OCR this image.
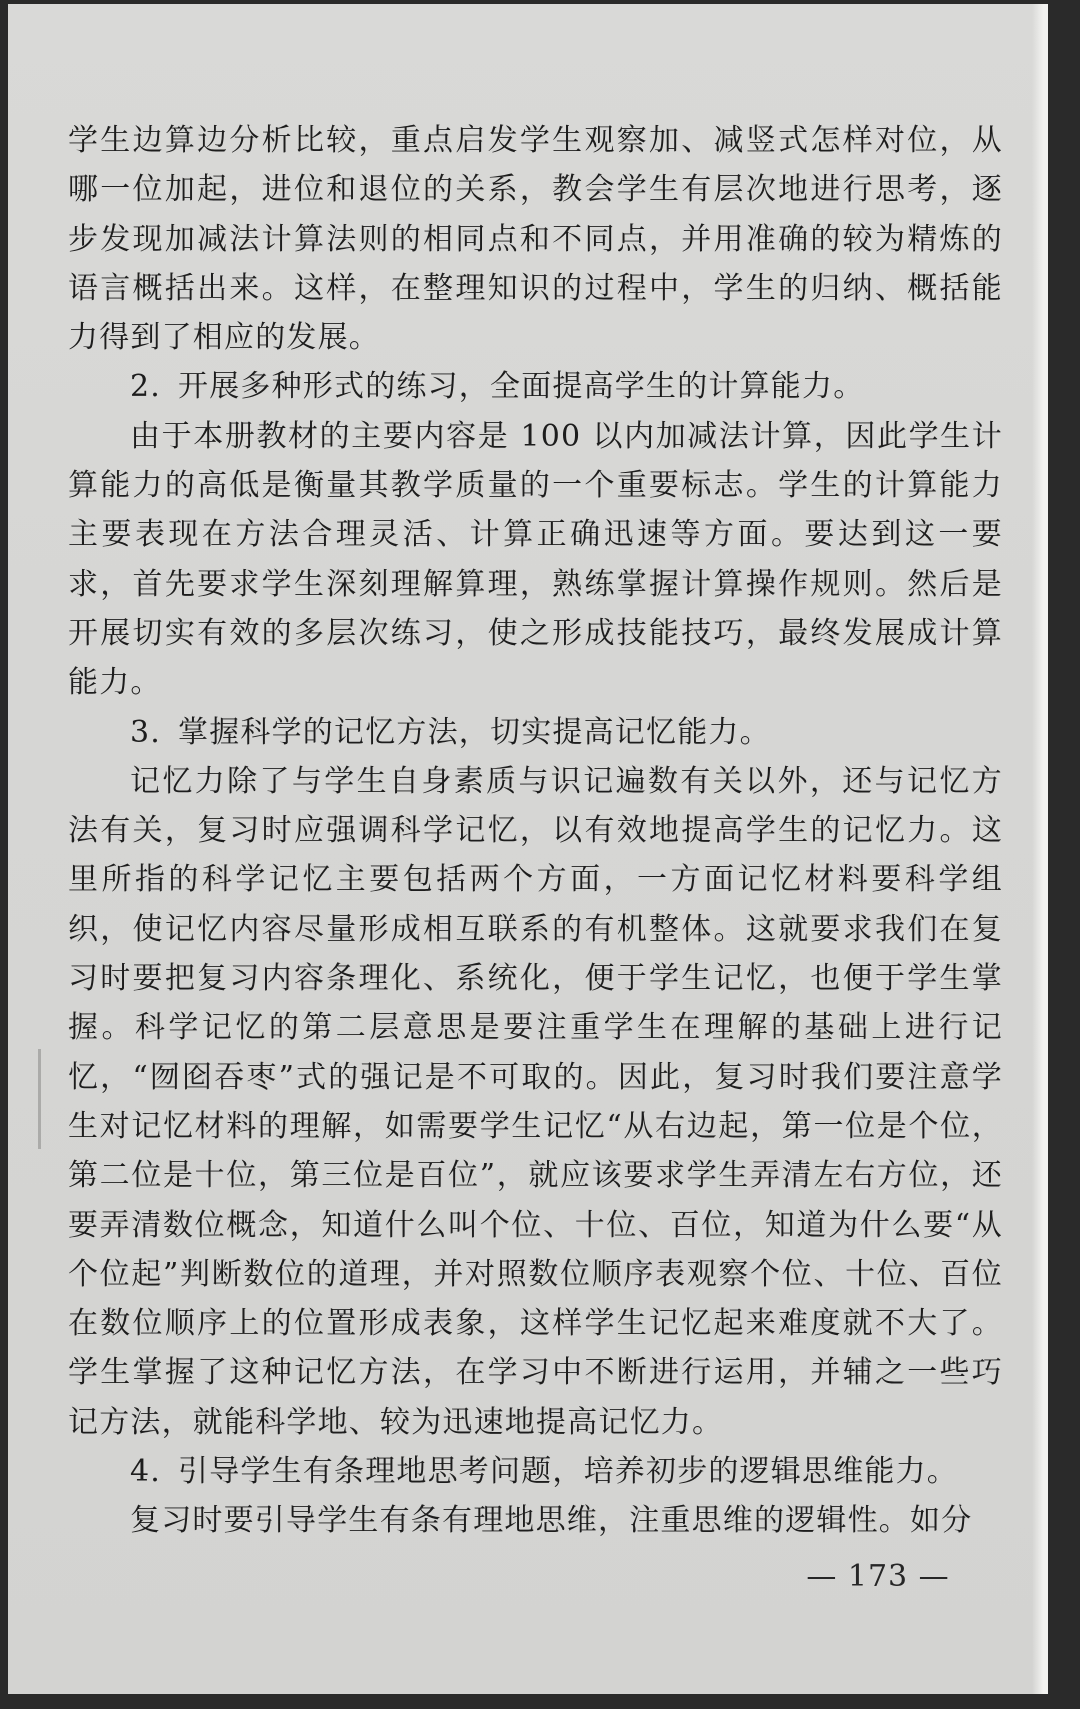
学生边算边分析比较，重点启发学生观察加、减竖式怎样对位，从哪一位加起，进位和退位的关系，教会学生有层次地进行思考，逐步发现加减法计算法则的相同点和不同点，并用准确的较为精炼的语言概括出来。这样，在整理知识的过程中，学生的归纳、概括能力得到了相应的发展。

2. 开展多种形式的练习，全面提高学生的计算能力。

由于本册教材的主要内容是 100 以内加减法计算，因此学生计算能力的高低是衡量其教学质量的一个重要标志。学生的计算能力主要表现在方法合理灵活、计算正确迅速等方面。要达到这一要求，首先要求学生深刻理解算理，熟练掌握计算操作规则。然后是开展切实有效的多层次练习，使之形成技能技巧，最终发展成计算能力。

3. 掌握科学的记忆方法，切实提高记忆能力。

记忆力除了与学生自身素质与识记遍数有关以外，还与记忆方法有关，复习时应强调科学记忆，以有效地提高学生的记忆力。这里所指的科学记忆主要包括两个方面，一方面记忆材料要科学组织，使记忆内容尽量形成相互联系的有机整体。这就要求我们在复习时要把复习内容条理化、系统化，便于学生记忆，也便于学生掌握。科学记忆的第二层意思是要注重学生在理解的基础上进行记忆，“囫囵吞枣”式的强记是不可取的。因此，复习时我们要注意学生对记忆材料的理解，如需要学生记忆“从右边起，第一位是个位，第二位是十位，第三位是百位”，就应该要求学生弄清左右方位，还要弄清数位概念，知道什么叫个位、十位、百位，知道为什么要“从个位起”判断数位的道理，并对照数位顺序表观察个位、十位、百位在数位顺序上的位置形成表象，这样学生记忆起来难度就不大了。学生掌握了这种记忆方法，在学习中不断进行运用，并辅之一些巧记方法，就能科学地、较为迅速地提高记忆力。

4. 引导学生有条理地思考问题，培养初步的逻辑思维能力。

复习时要引导学生有条有理地思维，注重思维的逻辑性。如分

— 173 —
